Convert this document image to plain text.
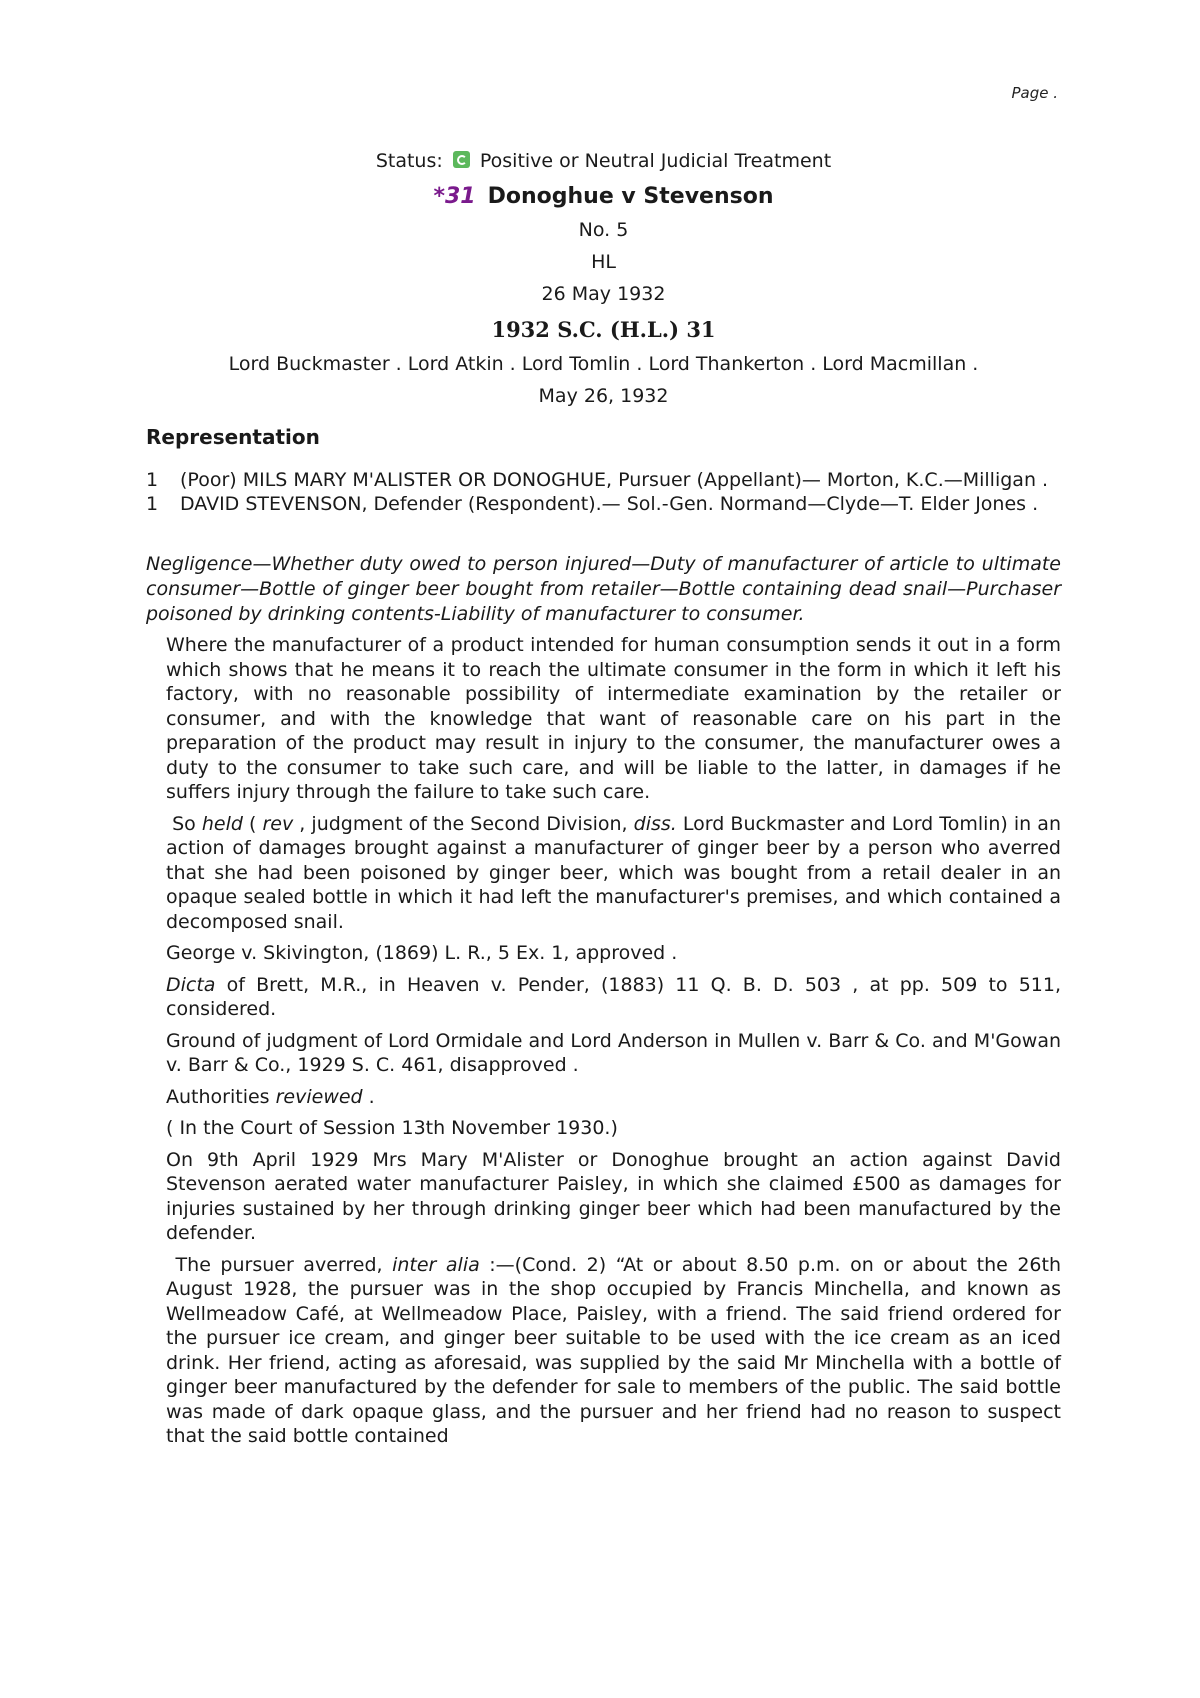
Page .
Status: Positive or Neutral Judicial Treatment
*31 Donoghue v Stevenson
No. 5
HL
26 May 1932
1932 S.C. (H.L.) 31
Lord Buckmaster . Lord Atkin . Lord Tomlin . Lord Thankerton . Lord Macmillan .
May 26, 1932
Representation
1	(Poor) MILS MARY M'ALISTER OR DONOGHUE, Pursuer (Appellant)— Morton, K.C.—Milligan .
1	DAVID STEVENSON, Defender (Respondent).— Sol.-Gen. Normand—Clyde—T. Elder Jones .
Negligence—Whether duty owed to person injured—Duty of manufacturer of article to ultimate consumer—Bottle of ginger beer bought from retailer—Bottle containing dead snail—Purchaser poisoned by drinking contents-Liability of manufacturer to consumer.

Where the manufacturer of a product intended for human consumption sends it out in a form which shows that he means it to reach the ultimate consumer in the form in which it left his factory, with no reasonable possibility of intermediate examination by the retailer or consumer, and with the knowledge that want of reasonable care on his part in the preparation of the product may result in injury to the consumer, the manufacturer owes a duty to the consumer to take such care, and will be liable to the latter, in damages if he suffers injury through the failure to take such care.

So held ( rev , judgment of the Second Division, diss. Lord Buckmaster and Lord Tomlin) in an action of damages brought against a manufacturer of ginger beer by a person who averred that she had been poisoned by ginger beer, which was bought from a retail dealer in an opaque sealed bottle in which it had left the manufacturer's premises, and which contained a decomposed snail.

George v. Skivington, (1869) L. R., 5 Ex. 1, approved .

Dicta of Brett, M.R., in Heaven v. Pender, (1883) 11 Q. B. D. 503 , at pp. 509 to 511, considered.

Ground of judgment of Lord Ormidale and Lord Anderson in Mullen v. Barr & Co. and M'Gowan v. Barr & Co., 1929 S. C. 461, disapproved .

Authorities reviewed .

( In the Court of Session 13th November 1930.)

On 9th April 1929 Mrs Mary M'Alister or Donoghue brought an action against David Stevenson aerated water manufacturer Paisley, in which she claimed £500 as damages for injuries sustained by her through drinking ginger beer which had been manufactured by the defender.

The pursuer averred, inter alia :—(Cond. 2) “At or about 8.50 p.m. on or about the 26th August 1928, the pursuer was in the shop occupied by Francis Minchella, and known as Wellmeadow Café, at Wellmeadow Place, Paisley, with a friend. The said friend ordered for the pursuer ice cream, and ginger beer suitable to be used with the ice cream as an iced drink. Her friend, acting as aforesaid, was supplied by the said Mr Minchella with a bottle of ginger beer manufactured by the defender for sale to members of the public. The said bottle was made of dark opaque glass, and the pursuer and her friend had no reason to suspect that the said bottle contained
